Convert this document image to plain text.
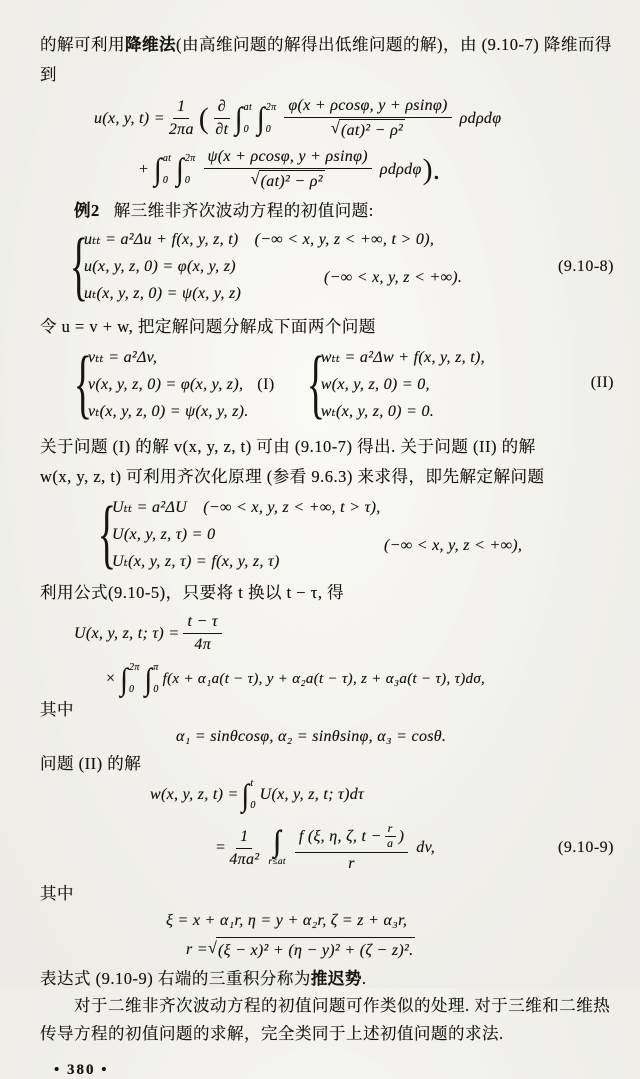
的解可利用降维法(由高维问题的解得出低维问题的解)，由 (9.10-7) 降维而得
到
u(x, y, $t) = \frac{1}{2\pi a}$ ( $\frac{\partial}{\partial t}$ ∫ at
0 ∫ 2π
$0 \frac{\varphi(x + \rho\cos\varphi, y + \rho\sin\varphi)}{\text{√ (at)² − ρ²}}$ ρdρdφ
+ ∫ at
0 ∫ 2π
$0 \frac{\psi(x + \rho\cos\varphi, y + \rho\sin\varphi)}{\text{√ (at)² − ρ²}}$ ρdρdφ ).
例2 解三维非齐次波动方程的初值问题:
{
uₜₜ = a²Δu + f(x, y, z, t) (−∞ < x, y, z < +∞, t > 0),
u(x, y, z, 0) = φ(x, y, z)
uₜ(x, y, z, 0) = ψ(x, y, z)
(−∞ < x, y, z < +∞).
(9.10-8)
令 u = v + w, 把定解问题分解成下面两个问题
{
vₜₜ = a²Δv,
v(x, y, z, 0) = φ(x, y, z), (I)
vₜ(x, y, z, 0) = ψ(x, y, z). {
wₜₜ = a²Δw + f(x, y, z, t),
w(x, y, z, 0) = 0,
wₜ(x, y, z, 0) = 0.
(II)
关于问题 (I) 的解 v(x, y, z, t) 可由 (9.10-7) 得出. 关于问题 (II) 的解
w(x, y, z, t) 可利用齐次化原理 (参看 9.6.3) 来求得，即先解定解问题
{
Uₜₜ = a²ΔU　(−∞ < x, y, z < +∞, t > τ),
U(x, y, z, τ) = 0
Uₜ(x, y, z, τ) = f(x, y, z, τ)
(−∞ < x, y, z < +∞),
利用公式(9.10-5)，只要将 t 换以 t − τ, 得
U(x, y, z, t; $\tau) = \frac{t - \tau}{4\pi}$
× ∫ 2π
0 ∫ π
0
f(x + α₁a(t − τ), y + α₂a(t − τ), z + α₃a(t − τ), τ)dσ,
其中
α₁ = sinθcosφ, α₂ = sinθsinφ, α₃ = cosθ.
问题 (II) 的解
w(x, y, z, t) = ∫ t
0
U(x, y, z, t; τ)dτ
= $\frac{1}{\text{4πa²}}$ ∫∫∫
$r\le at \frac{f (\xi, \eta, \zeta, t - \frac{r}{a} )}{r}$ dv,	(9.10-9)
其中
ξ = x + α₁r, η = y + α₂r, ζ = z + α₃r,
r = √ (ξ − x)² + (η − y)² + (ζ − z)².
表达式 (9.10-9) 右端的三重积分称为推迟势.
对于二维非齐次波动方程的初值问题可作类似的处理. 对于三维和二维热
传导方程的初值问题的求解，完全类同于上述初值问题的求法.
• 380 •
